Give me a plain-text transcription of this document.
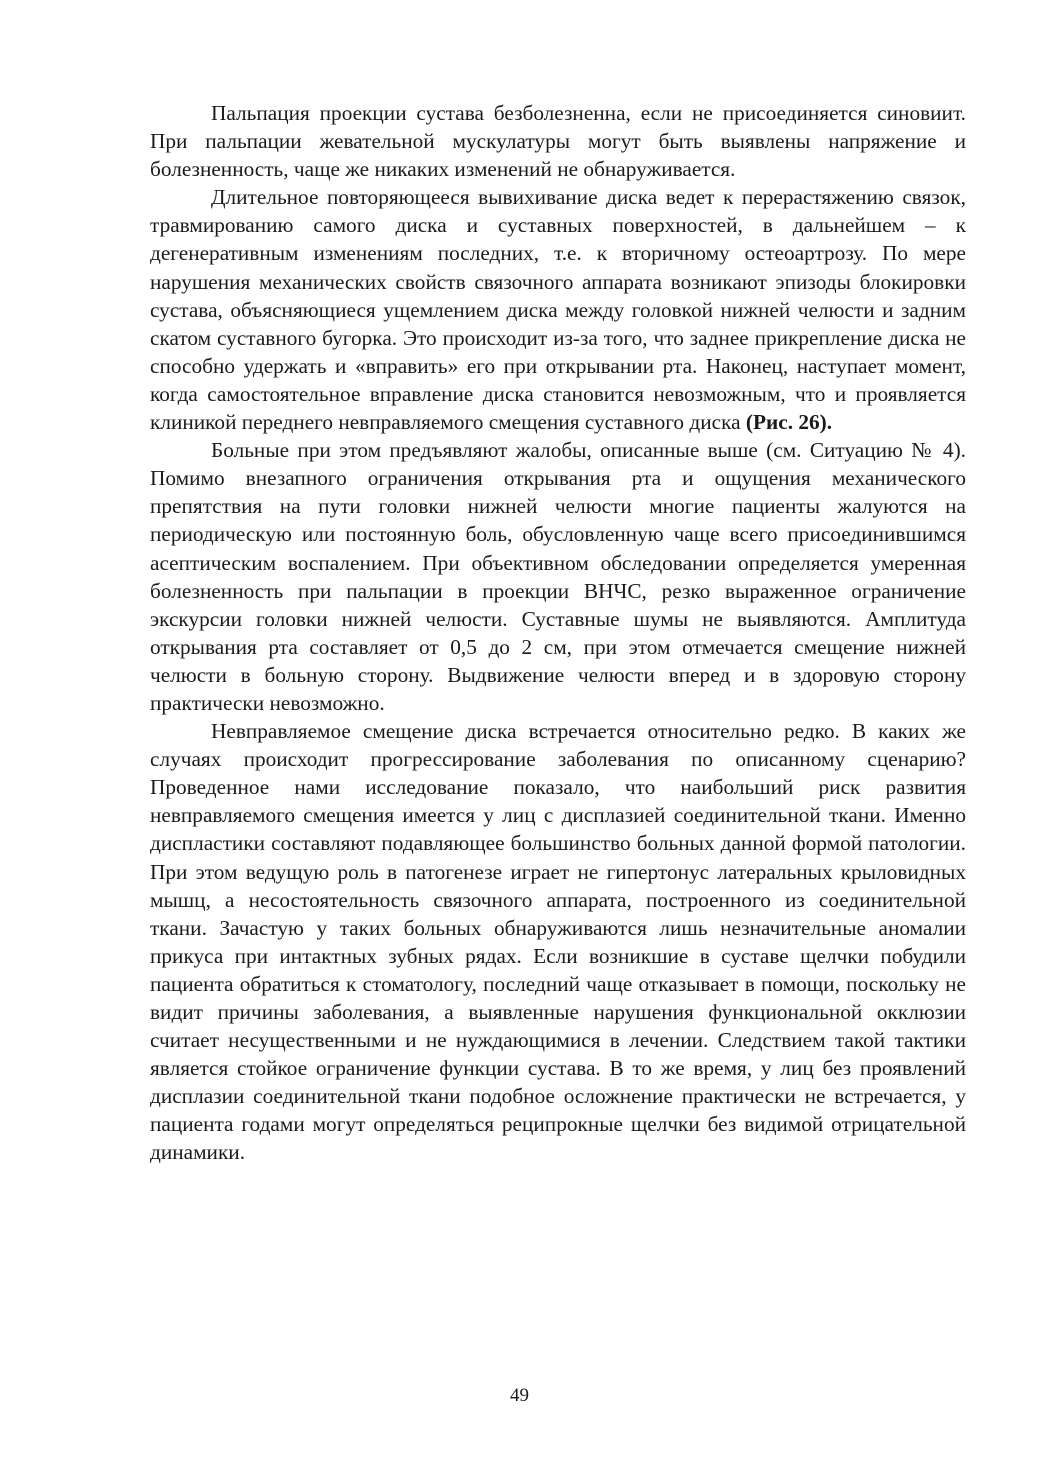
Пальпация проекции сустава безболезненна, если не присоединяется синовиит. При пальпации жевательной мускулатуры могут быть выявлены напряжение и болезненность, чаще же никаких изменений не обнаруживается.

Длительное повторяющееся вывихивание диска ведет к перерастяжению связок, травмированию самого диска и суставных поверхностей, в дальнейшем – к дегенеративным изменениям последних, т.е. к вторичному остеоартрозу. По мере нарушения механических свойств связочного аппарата возникают эпизоды блокировки сустава, объясняющиеся ущемлением диска между головкой нижней челюсти и задним скатом суставного бугорка. Это происходит из-за того, что заднее прикрепление диска не способно удержать и «вправить» его при открывании рта. Наконец, наступает момент, когда самостоятельное вправление диска становится невозможным, что и проявляется клиникой переднего невправляемого смещения суставного диска (Рис. 26).

Больные при этом предъявляют жалобы, описанные выше (см. Ситуацию № 4). Помимо внезапного ограничения открывания рта и ощущения механического препятствия на пути головки нижней челюсти многие пациенты жалуются на периодическую или постоянную боль, обусловленную чаще всего присоединившимся асептическим воспалением. При объективном обследовании определяется умеренная болезненность при пальпации в проекции ВНЧС, резко выраженное ограничение экскурсии головки нижней челюсти. Суставные шумы не выявляются. Амплитуда открывания рта составляет от 0,5 до 2 см, при этом отмечается смещение нижней челюсти в больную сторону. Выдвижение челюсти вперед и в здоровую сторону практически невозможно.

Невправляемое смещение диска встречается относительно редко. В каких же случаях происходит прогрессирование заболевания по описанному сценарию? Проведенное нами исследование показало, что наибольший риск развития невправляемого смещения имеется у лиц с дисплазией соединительной ткани. Именно диспластики составляют подавляющее большинство больных данной формой патологии. При этом ведущую роль в патогенезе играет не гипертонус латеральных крыловидных мышц, а несостоятельность связочного аппарата, построенного из соединительной ткани. Зачастую у таких больных обнаруживаются лишь незначительные аномалии прикуса при интактных зубных рядах. Если возникшие в суставе щелчки побудили пациента обратиться к стоматологу, последний чаще отказывает в помощи, поскольку не видит причины заболевания, а выявленные нарушения функциональной окклюзии считает несущественными и не нуждающимися в лечении. Следствием такой тактики является стойкое ограничение функции сустава. В то же время, у лиц без проявлений дисплазии соединительной ткани подобное осложнение практически не встречается, у пациента годами могут определяться реципрокные щелчки без видимой отрицательной динамики.

49
